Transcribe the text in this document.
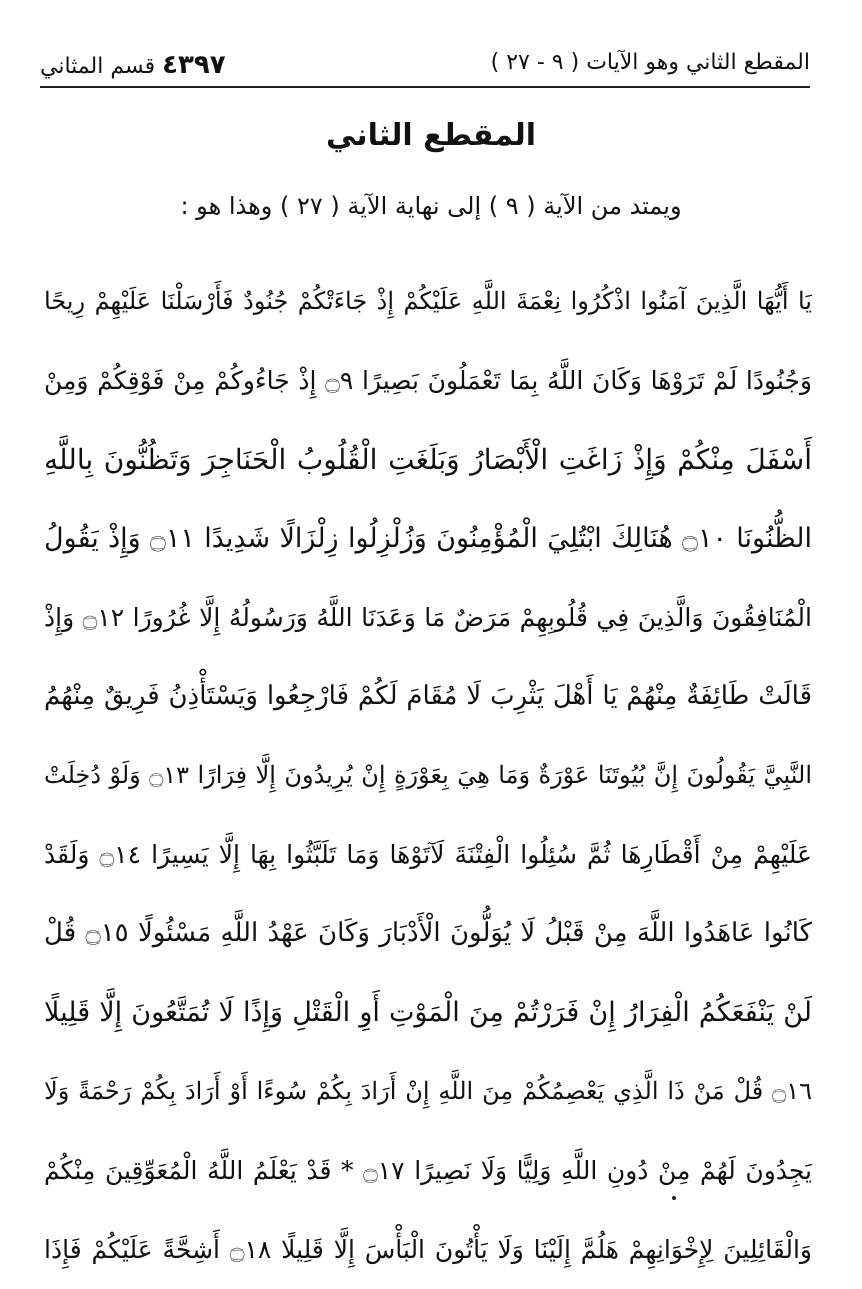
المقطع الثاني وهو الآيات ( ٩ - ٢٧ )
٤٣٩٧ قسم المثاني
المقطع الثاني
ويمتد من الآية ( ٩ ) إلى نهاية الآية ( ٢٧ ) وهذا هو :
يَا أَيُّهَا الَّذِينَ آمَنُوا اذْكُرُوا نِعْمَةَ اللَّهِ عَلَيْكُمْ إِذْ جَاءَتْكُمْ جُنُودٌ فَأَرْسَلْنَا عَلَيْهِمْ رِيحًا
وَجُنُودًا لَمْ تَرَوْهَا وَكَانَ اللَّهُ بِمَا تَعْمَلُونَ بَصِيرًا ۝٩ إِذْ جَاءُوكُمْ مِنْ فَوْقِكُمْ وَمِنْ
أَسْفَلَ مِنْكُمْ وَإِذْ زَاغَتِ الْأَبْصَارُ وَبَلَغَتِ الْقُلُوبُ الْحَنَاجِرَ وَتَظُنُّونَ بِاللَّهِ
الظُّنُونَا ۝١٠ هُنَالِكَ ابْتُلِيَ الْمُؤْمِنُونَ وَزُلْزِلُوا زِلْزَالًا شَدِيدًا ۝١١ وَإِذْ يَقُولُ
الْمُنَافِقُونَ وَالَّذِينَ فِي قُلُوبِهِمْ مَرَضٌ مَا وَعَدَنَا اللَّهُ وَرَسُولُهُ إِلَّا غُرُورًا ۝١٢ وَإِذْ
قَالَتْ طَائِفَةٌ مِنْهُمْ يَا أَهْلَ يَثْرِبَ لَا مُقَامَ لَكُمْ فَارْجِعُوا وَيَسْتَأْذِنُ فَرِيقٌ مِنْهُمُ
النَّبِيَّ يَقُولُونَ إِنَّ بُيُوتَنَا عَوْرَةٌ وَمَا هِيَ بِعَوْرَةٍ إِنْ يُرِيدُونَ إِلَّا فِرَارًا ۝١٣ وَلَوْ دُخِلَتْ
عَلَيْهِمْ مِنْ أَقْطَارِهَا ثُمَّ سُئِلُوا الْفِتْنَةَ لَآتَوْهَا وَمَا تَلَبَّثُوا بِهَا إِلَّا يَسِيرًا ۝١٤ وَلَقَدْ
كَانُوا عَاهَدُوا اللَّهَ مِنْ قَبْلُ لَا يُوَلُّونَ الْأَدْبَارَ وَكَانَ عَهْدُ اللَّهِ مَسْئُولًا ۝١٥ قُلْ
لَنْ يَنْفَعَكُمُ الْفِرَارُ إِنْ فَرَرْتُمْ مِنَ الْمَوْتِ أَوِ الْقَتْلِ وَإِذًا لَا تُمَتَّعُونَ إِلَّا قَلِيلًا
۝١٦ قُلْ مَنْ ذَا الَّذِي يَعْصِمُكُمْ مِنَ اللَّهِ إِنْ أَرَادَ بِكُمْ سُوءًا أَوْ أَرَادَ بِكُمْ رَحْمَةً وَلَا
يَجِدُونَ لَهُمْ مِنْ دُونِ اللَّهِ وَلِيًّا وَلَا نَصِيرًا ۝١٧ * قَدْ يَعْلَمُ اللَّهُ الْمُعَوِّقِينَ مِنْكُمْ
وَالْقَائِلِينَ لِإِخْوَانِهِمْ هَلُمَّ إِلَيْنَا وَلَا يَأْتُونَ الْبَأْسَ إِلَّا قَلِيلًا ۝١٨ أَشِحَّةً عَلَيْكُمْ فَإِذَا
